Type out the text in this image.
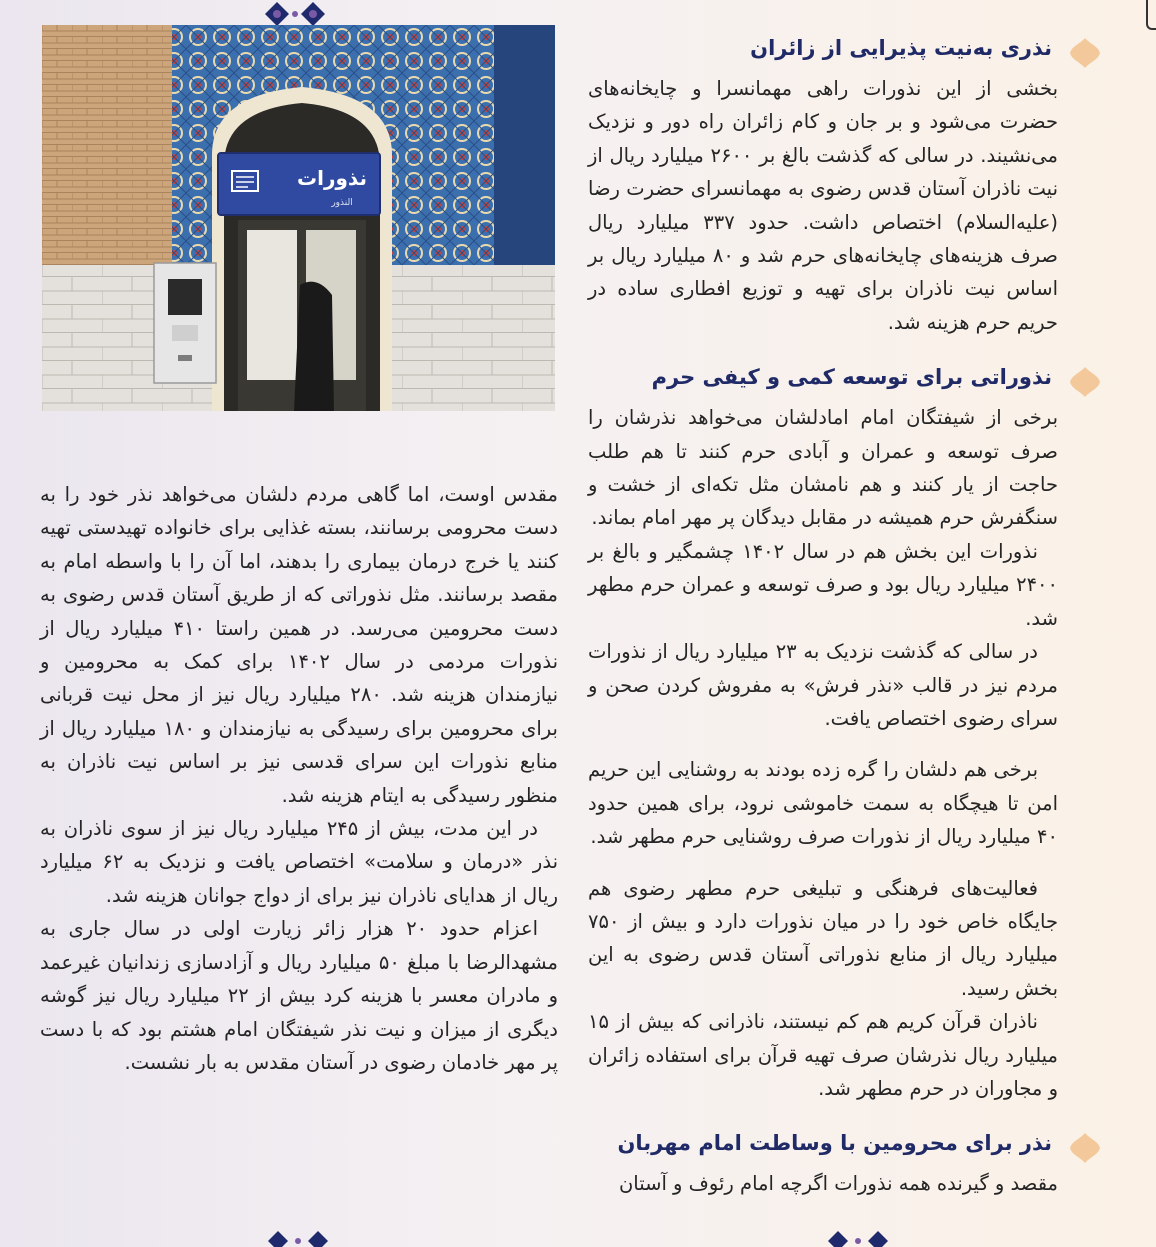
نذورات
النذور
نذری به‌نیت پذیرایی از زائران

بخشی از این نذورات راهی مهمانسرا و چایخانه‌های حضرت می‌شود و بر جان و کام زائران راه دور و نزدیک می‌نشیند. در سالی که گذشت بالغ بر ۲۶۰۰ میلیارد ریال از نیت ناذران آستان قدس رضوی به مهمانسرای حضرت رضا (علیه‌السلام) اختصاص داشت. حدود ۳۳۷ میلیارد ریال صرف هزینه‌های چایخانه‌های حرم شد و ۸۰ میلیارد ریال بر اساس نیت ناذران برای تهیه و توزیع افطاری ساده در حریم حرم هزینه شد.

نذوراتی برای توسعه کمی و کیفی حرم

برخی از شیفتگان امام امادلشان می‌خواهد نذرشان را صرف توسعه و عمران و آبادی حرم کنند تا هم طلب حاجت از یار کنند و هم نامشان مثل تکه‌ای از خشت و سنگفرش حرم همیشه در مقابل دیدگان پر مهر امام بماند.

نذورات این بخش هم در سال ۱۴۰۲ چشمگیر و بالغ بر ۲۴۰۰ میلیارد ریال بود و صرف توسعه و عمران حرم مطهر شد.

در سالی که گذشت نزدیک به ۲۳ میلیارد ریال از نذورات مردم نیز در قالب «نذر فرش» به مفروش کردن صحن و سرای رضوی اختصاص یافت.

برخی هم دلشان را گره زده بودند به روشنایی این حریم امن تا هیچگاه به سمت خاموشی نرود، برای همین حدود ۴۰ میلیارد ریال از نذورات صرف روشنایی حرم مطهر شد.

فعالیت‌های فرهنگی و تبلیغی حرم مطهر رضوی هم جایگاه خاص خود را در میان نذورات دارد و بیش از ۷۵۰ میلیارد ریال از منابع نذوراتی آستان قدس رضوی به این بخش رسید.

ناذران قرآن کریم هم کم نیستند، ناذرانی که بیش از ۱۵ میلیارد ریال نذرشان صرف تهیه قرآن برای استفاده زائران و مجاوران در حرم مطهر شد.

نذر برای محرومین با وساطت امام مهربان

مقصد و گیرنده همه نذورات اگرچه امام رئوف و آستان

مقدس اوست، اما گاهی مردم دلشان می‌خواهد نذر خود را به دست محرومی برسانند، بسته غذایی برای خانواده تهیدستی تهیه کنند یا خرج درمان بیماری را بدهند، اما آن را با واسطه امام به مقصد برسانند. مثل نذوراتی که از طریق آستان قدس رضوی به دست محرومین می‌رسد. در همین راستا ۴۱۰ میلیارد ریال از نذورات مردمی در سال ۱۴۰۲ برای کمک به محرومین و نیازمندان هزینه شد. ۲۸۰ میلیارد ریال نیز از محل نیت قربانی برای محرومین برای رسیدگی به نیازمندان و ۱۸۰ میلیارد ریال از منابع نذورات این سرای قدسی نیز بر اساس نیت ناذران به منظور رسیدگی به ایتام هزینه شد.

در این مدت، بیش از ۲۴۵ میلیارد ریال نیز از سوی ناذران به نذر «درمان و سلامت» اختصاص یافت و نزدیک به ۶۲ میلیارد ریال از هدایای ناذران نیز برای از دواج جوانان هزینه شد.

اعزام حدود ۲۰ هزار زائر زیارت اولی در سال جاری به مشهدالرضا با مبلغ ۵۰ میلیارد ریال و آزادسازی زندانیان غیرعمد و مادران معسر با هزینه کرد بیش از ۲۲ میلیارد ریال نیز گوشه دیگری از میزان و نیت نذر شیفتگان امام هشتم بود که با دست پر مهر خادمان رضوی در آستان مقدس به بار نشست.
